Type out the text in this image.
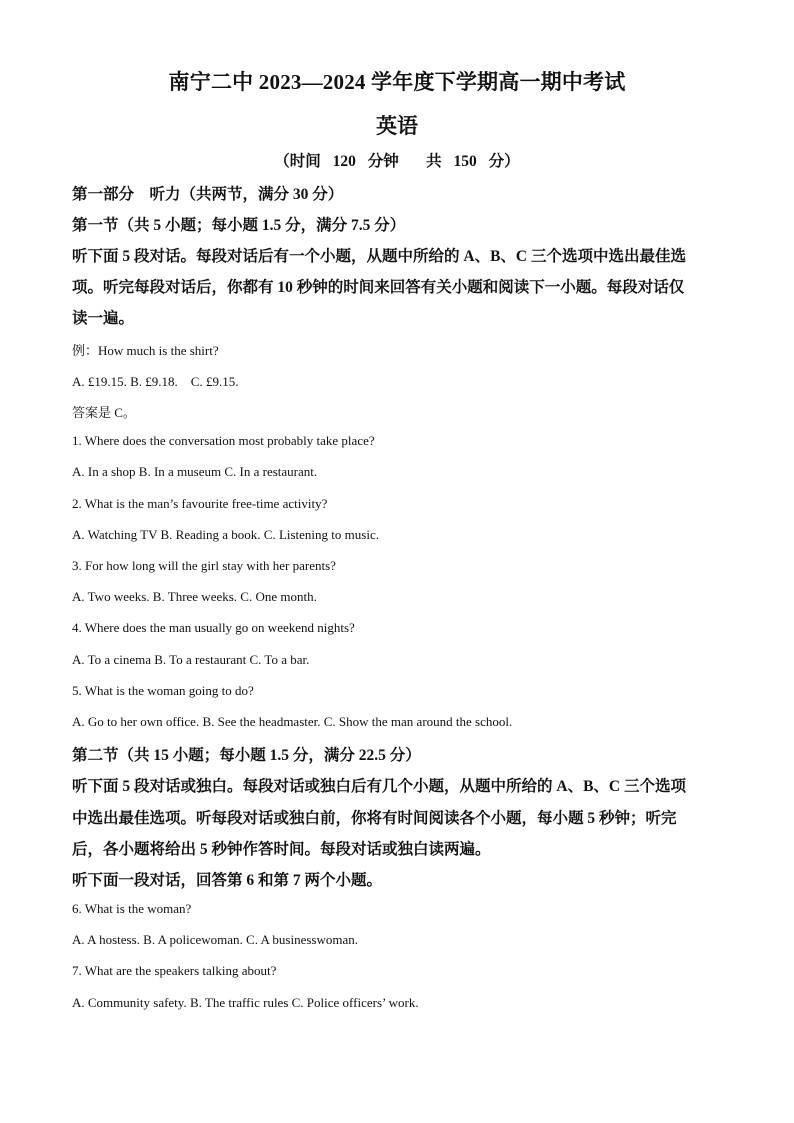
南宁二中 2023—2024 学年度下学期高一期中考试
英语
（时间 120 分钟　 共 150 分）
第一部分　听力（共两节，满分 30 分）
第一节（共 5 小题；每小题 1.5 分，满分 7.5 分）
听下面 5 段对话。每段对话后有一个小题，从题中所给的 A、B、C 三个选项中选出最佳选
项。听完每段对话后，你都有 10 秒钟的时间来回答有关小题和阅读下一小题。每段对话仅
读一遍。
例：How much is the shirt?
A. £19.15. B. £9.18.　C. £9.15.
答案是 C。
1. Where does the conversation most probably take place?
A. In a shop B. In a museum C. In a restaurant.
2. What is the man’s favourite free-time activity?
A. Watching TV B. Reading a book. C. Listening to music.
3. For how long will the girl stay with her parents?
A. Two weeks. B. Three weeks. C. One month.
4. Where does the man usually go on weekend nights?
A. To a cinema B. To a restaurant C. To a bar.
5. What is the woman going to do?
A. Go to her own office. B. See the headmaster. C. Show the man around the school.
第二节（共 15 小题；每小题 1.5 分，满分 22.5 分）
听下面 5 段对话或独白。每段对话或独白后有几个小题，从题中所给的 A、B、C 三个选项
中选出最佳选项。听每段对话或独白前，你将有时间阅读各个小题，每小题 5 秒钟；听完
后，各小题将给出 5 秒钟作答时间。每段对话或独白读两遍。
听下面一段对话，回答第 6 和第 7 两个小题。
6. What is the woman?
A. A hostess. B. A policewoman. C. A businesswoman.
7. What are the speakers talking about?
A. Community safety. B. The traffic rules C. Police officers’ work.
